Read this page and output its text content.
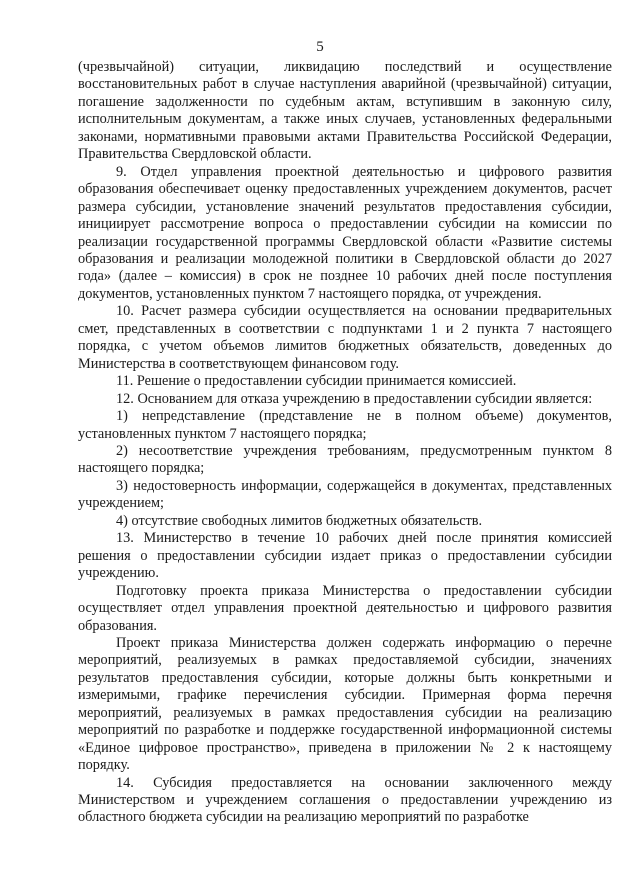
5

(чрезвычайной) ситуации, ликвидацию последствий и осуществление восстановительных работ в случае наступления аварийной (чрезвычайной) ситуации, погашение задолженности по судебным актам, вступившим в законную силу, исполнительным документам, а также иных случаев, установленных федеральными законами, нормативными правовыми актами Правительства Российской Федерации, Правительства Свердловской области.

9. Отдел управления проектной деятельностью и цифрового развития образования обеспечивает оценку предоставленных учреждением документов, расчет размера субсидии, установление значений результатов предоставления субсидии, инициирует рассмотрение вопроса о предоставлении субсидии на комиссии по реализации государственной программы Свердловской области «Развитие системы образования и реализации молодежной политики в Свердловской области до 2027 года» (далее – комиссия) в срок не позднее 10 рабочих дней после поступления документов, установленных пунктом 7 настоящего порядка, от учреждения.

10. Расчет размера субсидии осуществляется на основании предварительных смет, представленных в соответствии с подпунктами 1 и 2 пункта 7 настоящего порядка, с учетом объемов лимитов бюджетных обязательств, доведенных до Министерства в соответствующем финансовом году.

11. Решение о предоставлении субсидии принимается комиссией.

12. Основанием для отказа учреждению в предоставлении субсидии является:

1) непредставление (представление не в полном объеме) документов, установленных пунктом 7 настоящего порядка;

2) несоответствие учреждения требованиям, предусмотренным пунктом 8 настоящего порядка;

3) недостоверность информации, содержащейся в документах, представленных учреждением;

4) отсутствие свободных лимитов бюджетных обязательств.

13. Министерство в течение 10 рабочих дней после принятия комиссией решения о предоставлении субсидии издает приказ о предоставлении субсидии учреждению.

Подготовку проекта приказа Министерства о предоставлении субсидии осуществляет отдел управления проектной деятельностью и цифрового развития образования.

Проект приказа Министерства должен содержать информацию о перечне мероприятий, реализуемых в рамках предоставляемой субсидии, значениях результатов предоставления субсидии, которые должны быть конкретными и измеримыми, графике перечисления субсидии. Примерная форма перечня мероприятий, реализуемых в рамках предоставления субсидии на реализацию мероприятий по разработке и поддержке государственной информационной системы «Единое цифровое пространство», приведена в приложении № 2 к настоящему порядку.

14. Субсидия предоставляется на основании заключенного между Министерством и учреждением соглашения о предоставлении учреждению из областного бюджета субсидии на реализацию мероприятий по разработке
